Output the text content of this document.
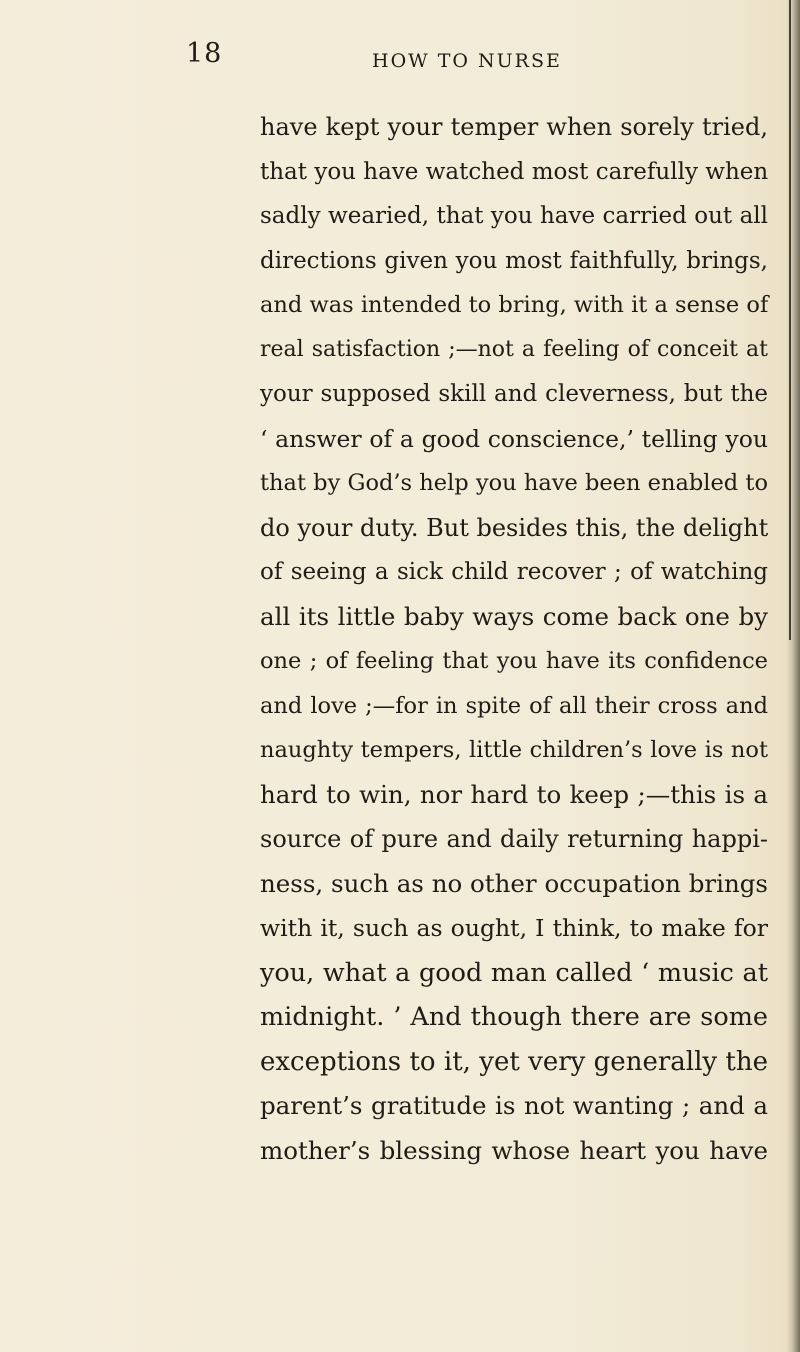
18	HOW TO NURSE
have kept your temper when sorely tried,
that you have watched most carefully when
sadly wearied, that you have carried out all
directions given you most faithfully, brings,
and was intended to bring, with it a sense of
real satisfaction ;—not a feeling of conceit at
your supposed skill and cleverness, but the
‘ answer of a good conscience,’ telling you
that by God’s help you have been enabled to
do your duty. But besides this, the delight
of seeing a sick child recover ; of watching
all its little baby ways come back one by
one ; of feeling that you have its confidence
and love ;—for in spite of all their cross and
naughty tempers, little children’s love is not
hard to win, nor hard to keep ;—this is a
source of pure and daily returning happi-
ness, such as no other occupation brings
with it, such as ought, I think, to make for
you, what a good man called ‘ music at
midnight. ’ And though there are some
exceptions to it, yet very generally the
parent’s gratitude is not wanting ; and a
mother’s blessing whose heart you have
